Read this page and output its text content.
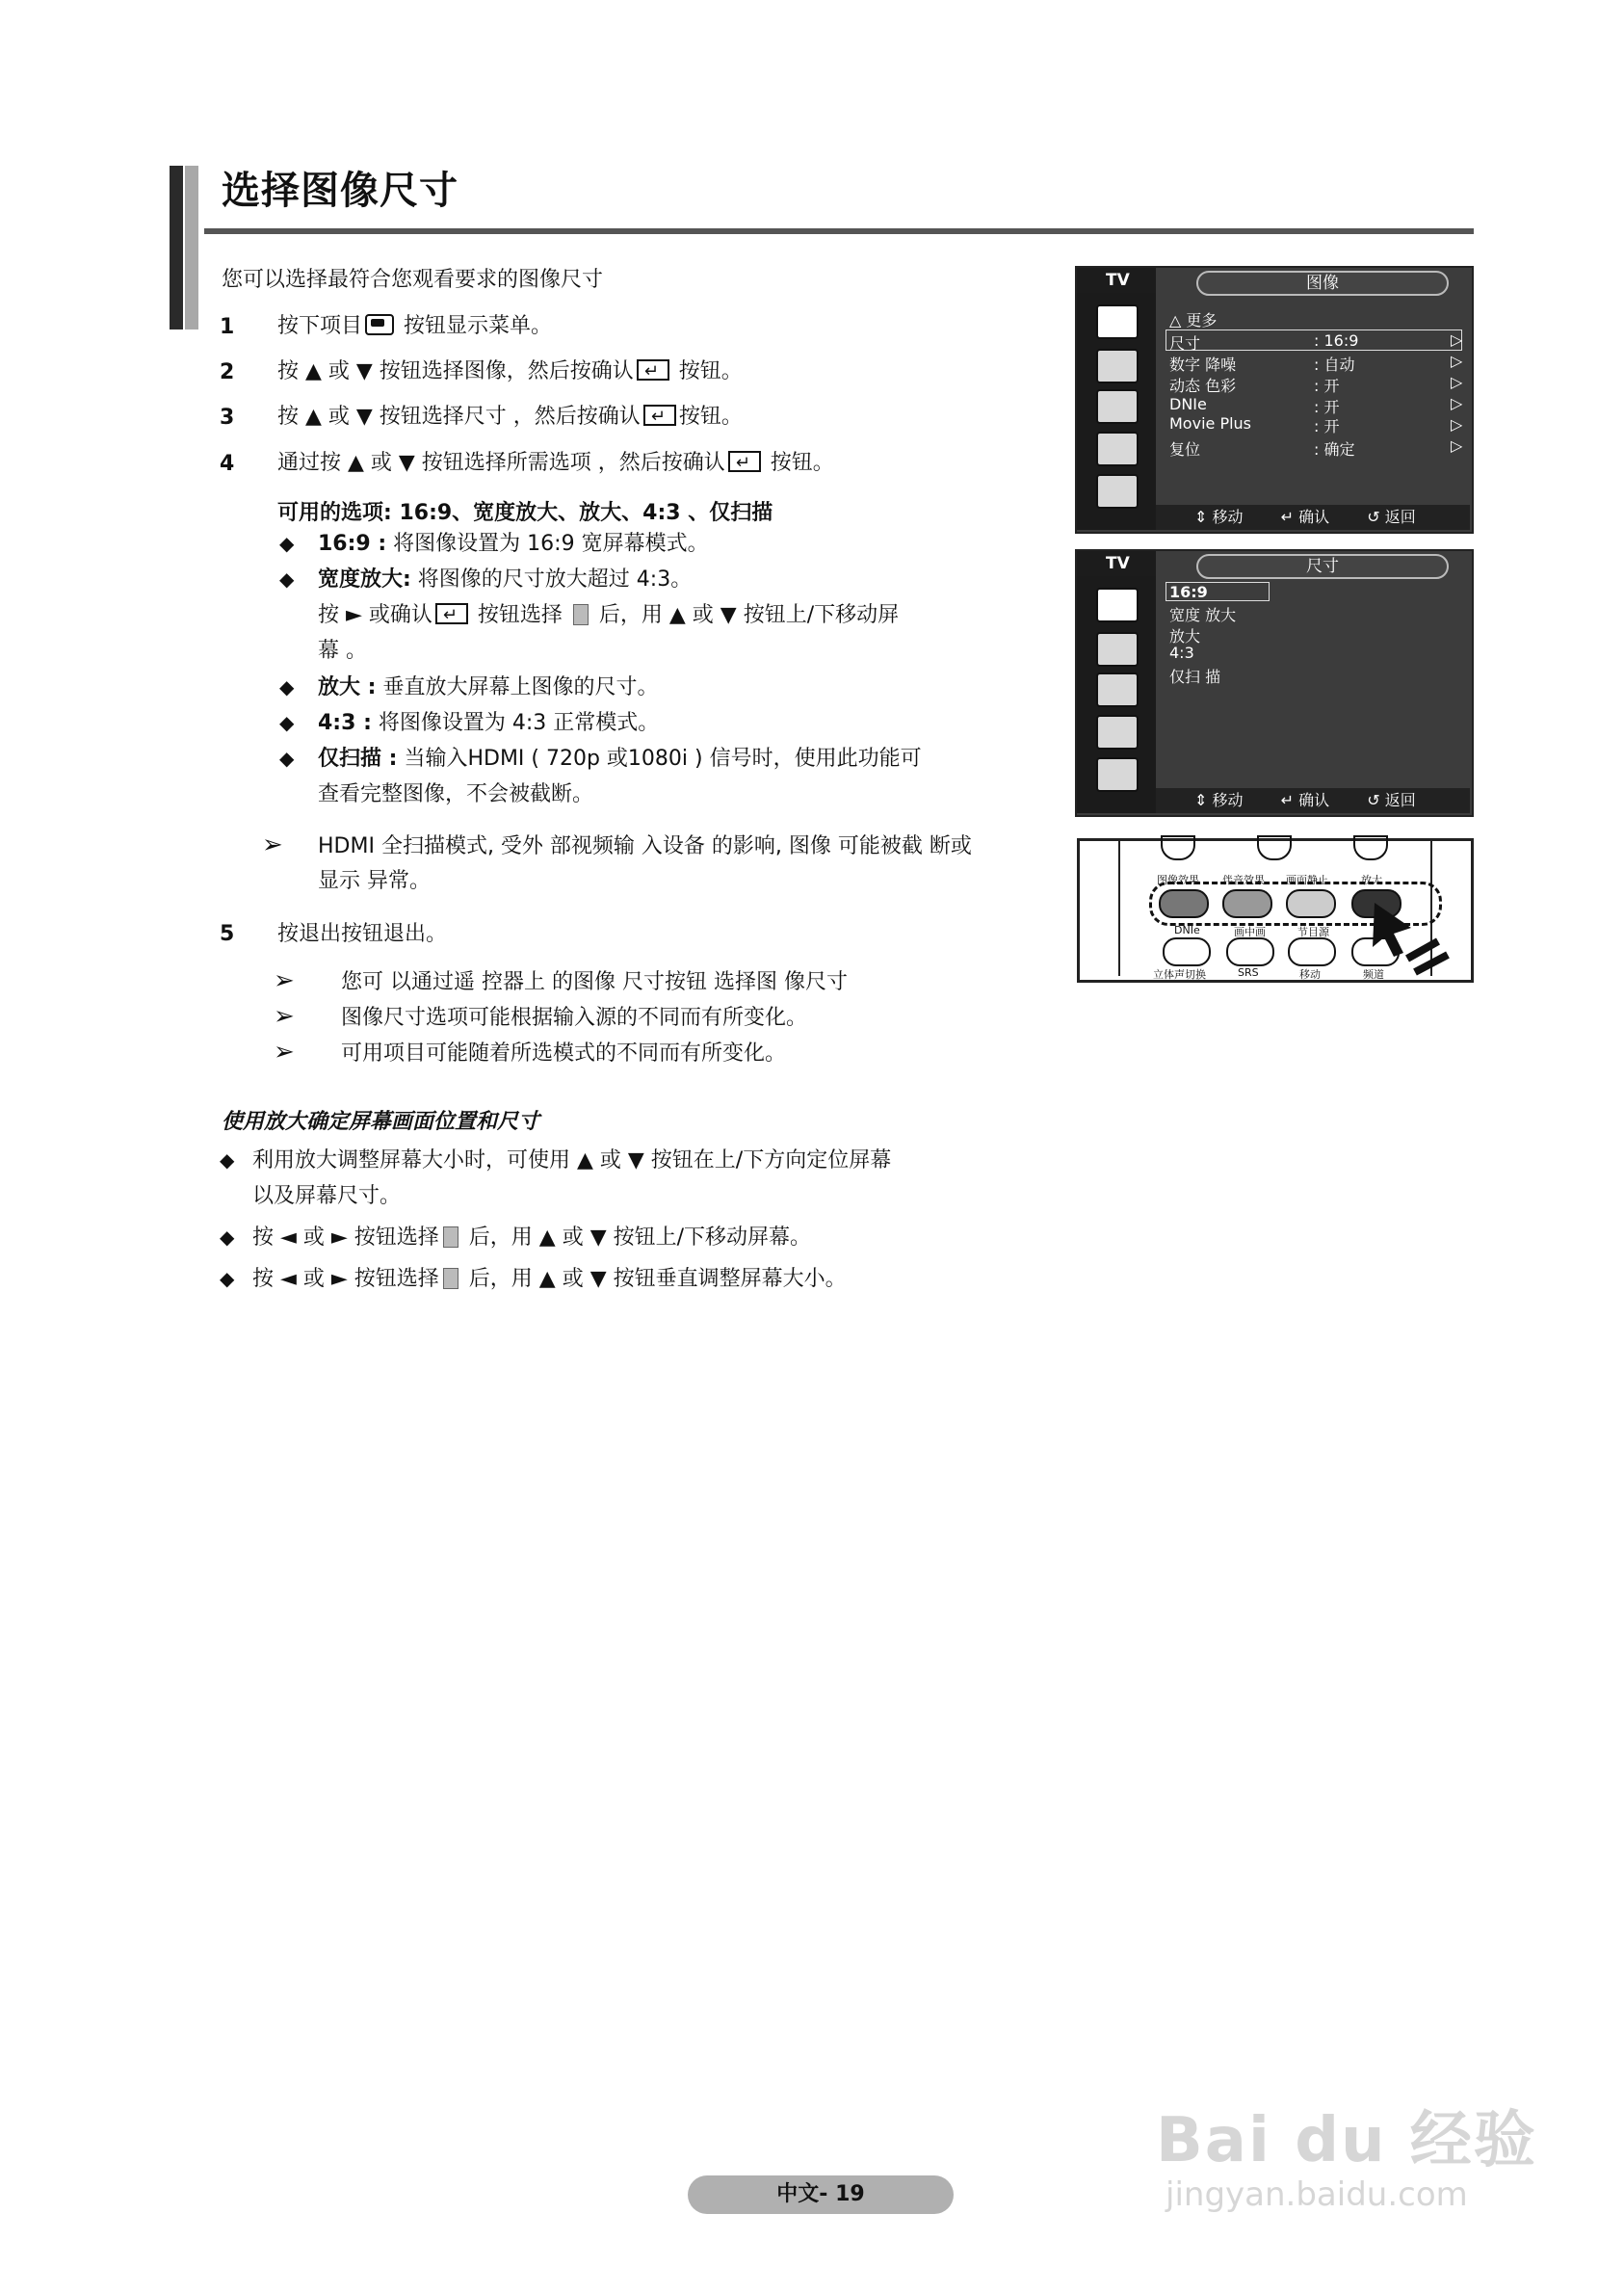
选择图像尺寸
您可以选择最符合您观看要求的图像尺寸
1 按下项目 按钮显示菜单。
2 按 ▲ 或 ▼ 按钮选择图像，然后按确认↵ 按钮。
3 按 ▲ 或 ▼ 按钮选择尺寸 ，然后按确认↵ 按钮。
4 通过按 ▲ 或 ▼ 按钮选择所需选项 ，然后按确认↵ 按钮。
可用的选项: 16:9、宽度放大、放大、4:3 、仅扫描
◆ 16:9 : 将图像设置为 16:9 宽屏幕模式。
◆ 宽度放大: 将图像的尺寸放大超过 4:3。
按 ► 或确认↵ 按钮选择  后，用 ▲ 或 ▼ 按钮上/下移动屏
幕 。
◆ 放大 : 垂直放大屏幕上图像的尺寸。
◆ 4:3 : 将图像设置为 4:3 正常模式。
◆ 仅扫描 : 当输入HDMI ( 720p 或1080i ) 信号时，使用此功能可
查看完整图像，不会被截断。
➢ HDMI 全扫描模式, 受外 部视频输 入设备 的影响, 图像 可能被截 断或
显示 异常。
5 按退出按钮退出。
➢ 您可 以通过遥 控器上 的图像 尺寸按钮 选择图 像尺寸
➢ 图像尺寸选项可能根据输入源的不同而有所变化。
➢ 可用项目可能随着所选模式的不同而有所变化。
使用放大确定屏幕画面位置和尺寸
◆ 利用放大调整屏幕大小时，可使用 ▲ 或 ▼ 按钮在上/下方向定位屏幕
以及屏幕尺寸。
◆ 按 ◄ 或 ► 按钮选择 后，用 ▲ 或 ▼ 按钮上/下移动屏幕。
◆ 按 ◄ 或 ► 按钮选择 后，用 ▲ 或 ▼ 按钮垂直调整屏幕大小。
TV	图像
△ 更多
尺寸	: 16:9
数字 降噪	: 自动
动态 色彩	: 开
DNIe	: 开
Movie Plus	: 开
复位	: 确定
▷
▷
▷
▷
▷
▷
⇕ 移动 ↵ 确认 ↺ 返回
TV	尺寸
16:9
宽度 放大
放大
4:3
仅扫 描
⇕ 移动 ↵ 确认 ↺ 返回
图像效果 伴音效果 画面静止	放大
DNIe	画中画	节目源
立体声切换	SRS	移动	频道
中文- 19
Bai du 经验
jingyan.baidu.com
